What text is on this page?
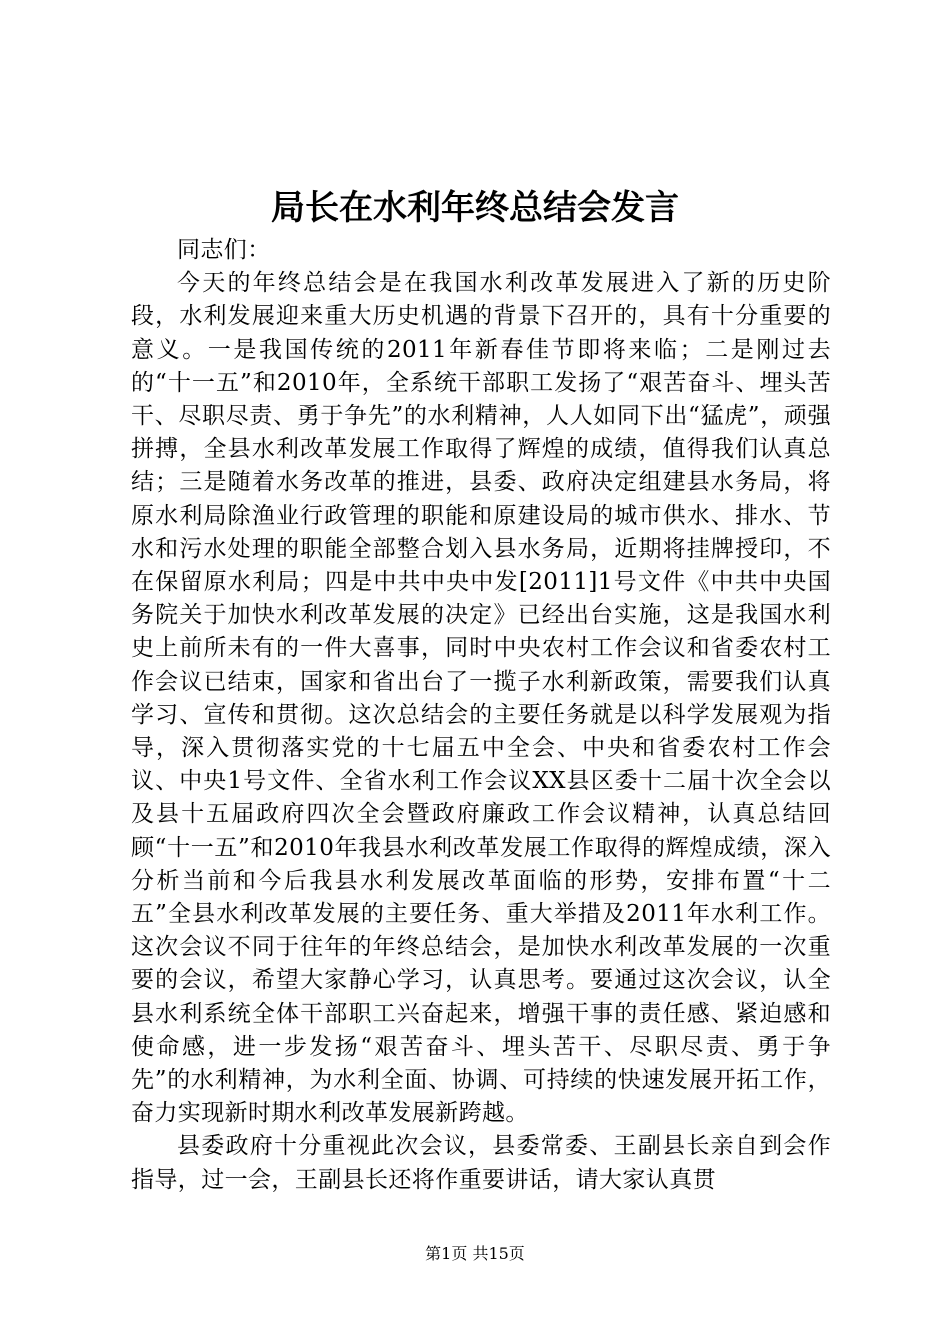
局长在水利年终总结会发言

同志们：

今天的年终总结会是在我国水利改革发展进入了新的历史阶段，水利发展迎来重大历史机遇的背景下召开的，具有十分重要的意义。一是我国传统的2011年新春佳节即将来临；二是刚过去的“十一五”和2010年，全系统干部职工发扬了“艰苦奋斗、埋头苦干、尽职尽责、勇于争先”的水利精神，人人如同下出“猛虎”，顽强拼搏，全县水利改革发展工作取得了辉煌的成绩，值得我们认真总结；三是随着水务改革的推进，县委、政府决定组建县水务局，将原水利局除渔业行政管理的职能和原建设局的城市供水、排水、节水和污水处理的职能全部整合划入县水务局，近期将挂牌授印，不在保留原水利局；四是中共中央中发[2011]1号文件《中共中央国务院关于加快水利改革发展的决定》已经出台实施，这是我国水利史上前所未有的一件大喜事，同时中央农村工作会议和省委农村工作会议已结束，国家和省出台了一揽子水利新政策，需要我们认真学习、宣传和贯彻。这次总结会的主要任务就是以科学发展观为指导，深入贯彻落实党的十七届五中全会、中央和省委农村工作会议、中央1号文件、全省水利工作会议XX县区委十二届十次全会以及县十五届政府四次全会暨政府廉政工作会议精神，认真总结回顾“十一五”和2010年我县水利改革发展工作取得的辉煌成绩，深入分析当前和今后我县水利发展改革面临的形势，安排布置“十二五”全县水利改革发展的主要任务、重大举措及2011年水利工作。这次会议不同于往年的年终总结会，是加快水利改革发展的一次重要的会议，希望大家静心学习，认真思考。要通过这次会议，认全县水利系统全体干部职工兴奋起来，增强干事的责任感、紧迫感和使命感，进一步发扬“艰苦奋斗、埋头苦干、尽职尽责、勇于争先”的水利精神，为水利全面、协调、可持续的快速发展开拓工作，奋力实现新时期水利改革发展新跨越。

县委政府十分重视此次会议，县委常委、王副县长亲自到会作指导，过一会，王副县长还将作重要讲话，请大家认真贯

第1页 共15页
